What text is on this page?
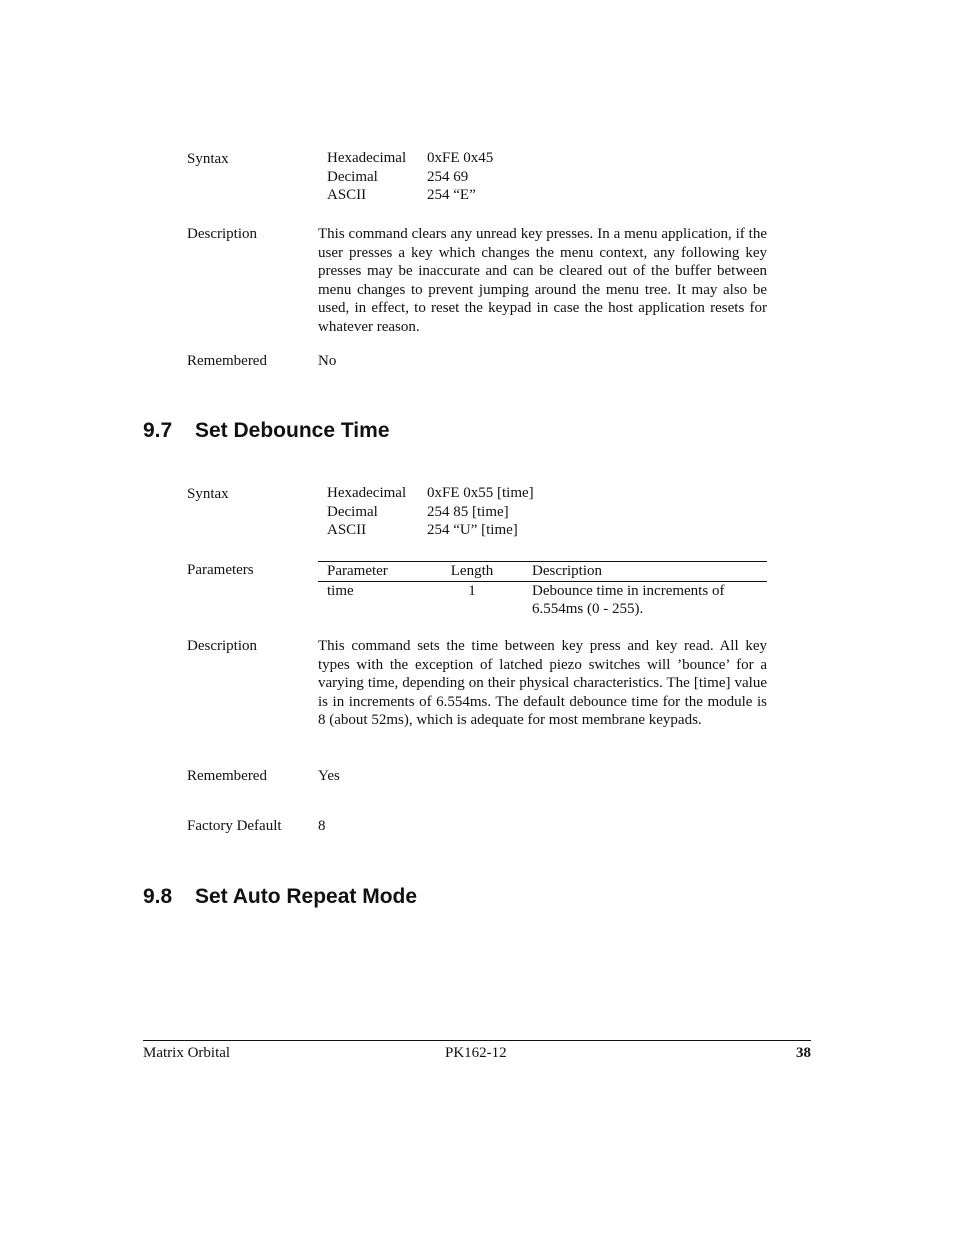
Syntax	Hexadecimal	0xFE 0x45
Decimal	254 69
ASCII	254 “E”
Description	This command clears any unread key presses. In a menu application, if the user presses a key which changes the menu context, any following key presses may be inaccurate and can be cleared out of the buffer between menu changes to prevent jumping around the menu tree. It may also be used, in effect, to reset the keypad in case the host application resets for whatever reason.
Remembered	No
9.7 Set Debounce Time
Syntax	Hexadecimal	0xFE 0x55 [time]
Decimal	254 85 [time]
ASCII	254 “U” [time]
Parameters	Parameter	Length	Description
time	1	Debounce time in increments of 6.554ms (0 - 255).
Description	This command sets the time between key press and key read. All key types with the exception of latched piezo switches will ’bounce’ for a varying time, depending on their physical characteristics. The [time] value is in increments of 6.554ms. The default debounce time for the module is 8 (about 52ms), which is adequate for most membrane keypads.
Remembered	Yes
Factory Default 8
9.8 Set Auto Repeat Mode
Matrix Orbital	PK162-12	38
